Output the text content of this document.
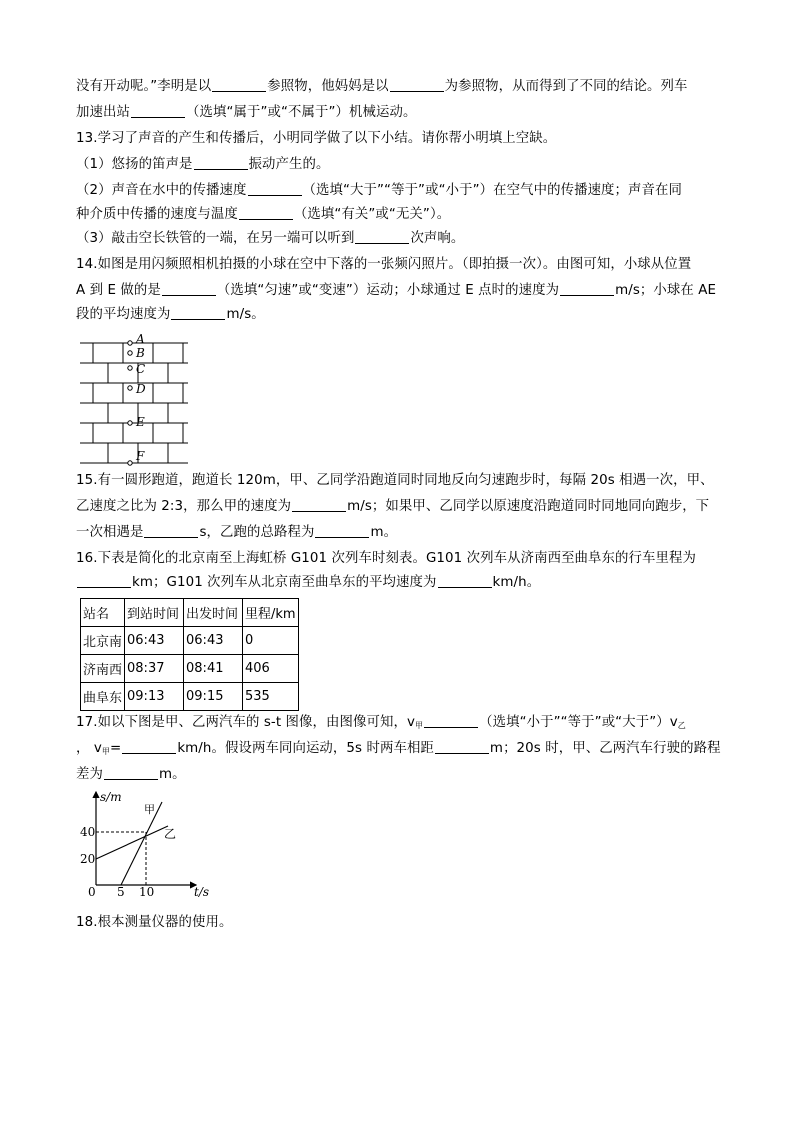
没有开动呢。”李明是以	参照物，他妈妈是以	为参照物，从而得到了不同的结论。列车
加速出站	（选填“属于”或“不属于”）机械运动。
13.学习了声音的产生和传播后，小明同学做了以下小结。请你帮小明填上空缺。
（1）悠扬的笛声是	振动产生的。
（2）声音在水中的传播速度	（选填“大于”“等于”或“小于”）在空气中的传播速度；声音在同
种介质中传播的速度与温度	（选填“有关”或“无关”）。
（3）敲击空长铁管的一端，在另一端可以听到	次声响。
14.如图是用闪频照相机拍摄的小球在空中下落的一张频闪照片。（即拍摄一次）。由图可知，小球从位置
A 到 E 做的是	（选填“匀速”或“变速”）运动；小球通过 E 点时的速度为	m/s；小球在 AE
段的平均速度为	m/s。
A
B
C
D
E
F
15.有一圆形跑道，跑道长 120m，甲、乙同学沿跑道同时同地反向匀速跑步时，每隔 20s 相遇一次，甲、
乙速度之比为 2:3，那么甲的速度为	m/s；如果甲、乙同学以原速度沿跑道同时同地同向跑步，下
一次相遇是	s，乙跑的总路程为	m。
16.下表是简化的北京南至上海虹桥 G101 次列车时刻表。G101 次列车从济南西至曲阜东的行车里程为
km；G101 次列车从北京南至曲阜东的平均速度为	km/h。
站名	到站时间	出发时间	里程/km
北京南	06:43	06:43	0
济南西	08:37	08:41	406
曲阜东	09:13	09:15	535
17.如以下图是甲、乙两汽车的 s-t 图像，由图像可知，$v_甲$	（选填“小于”“等于”或“大于$”)v_乙$
， $v_甲=$	km/h。假设两车同向运动，5s 时两车相距	m；20s 时，甲、乙两汽车行驶的路程
差为	m。
s/m
t/s
0
20
40
5 10
甲
乙
18.根本测量仪器的使用。
